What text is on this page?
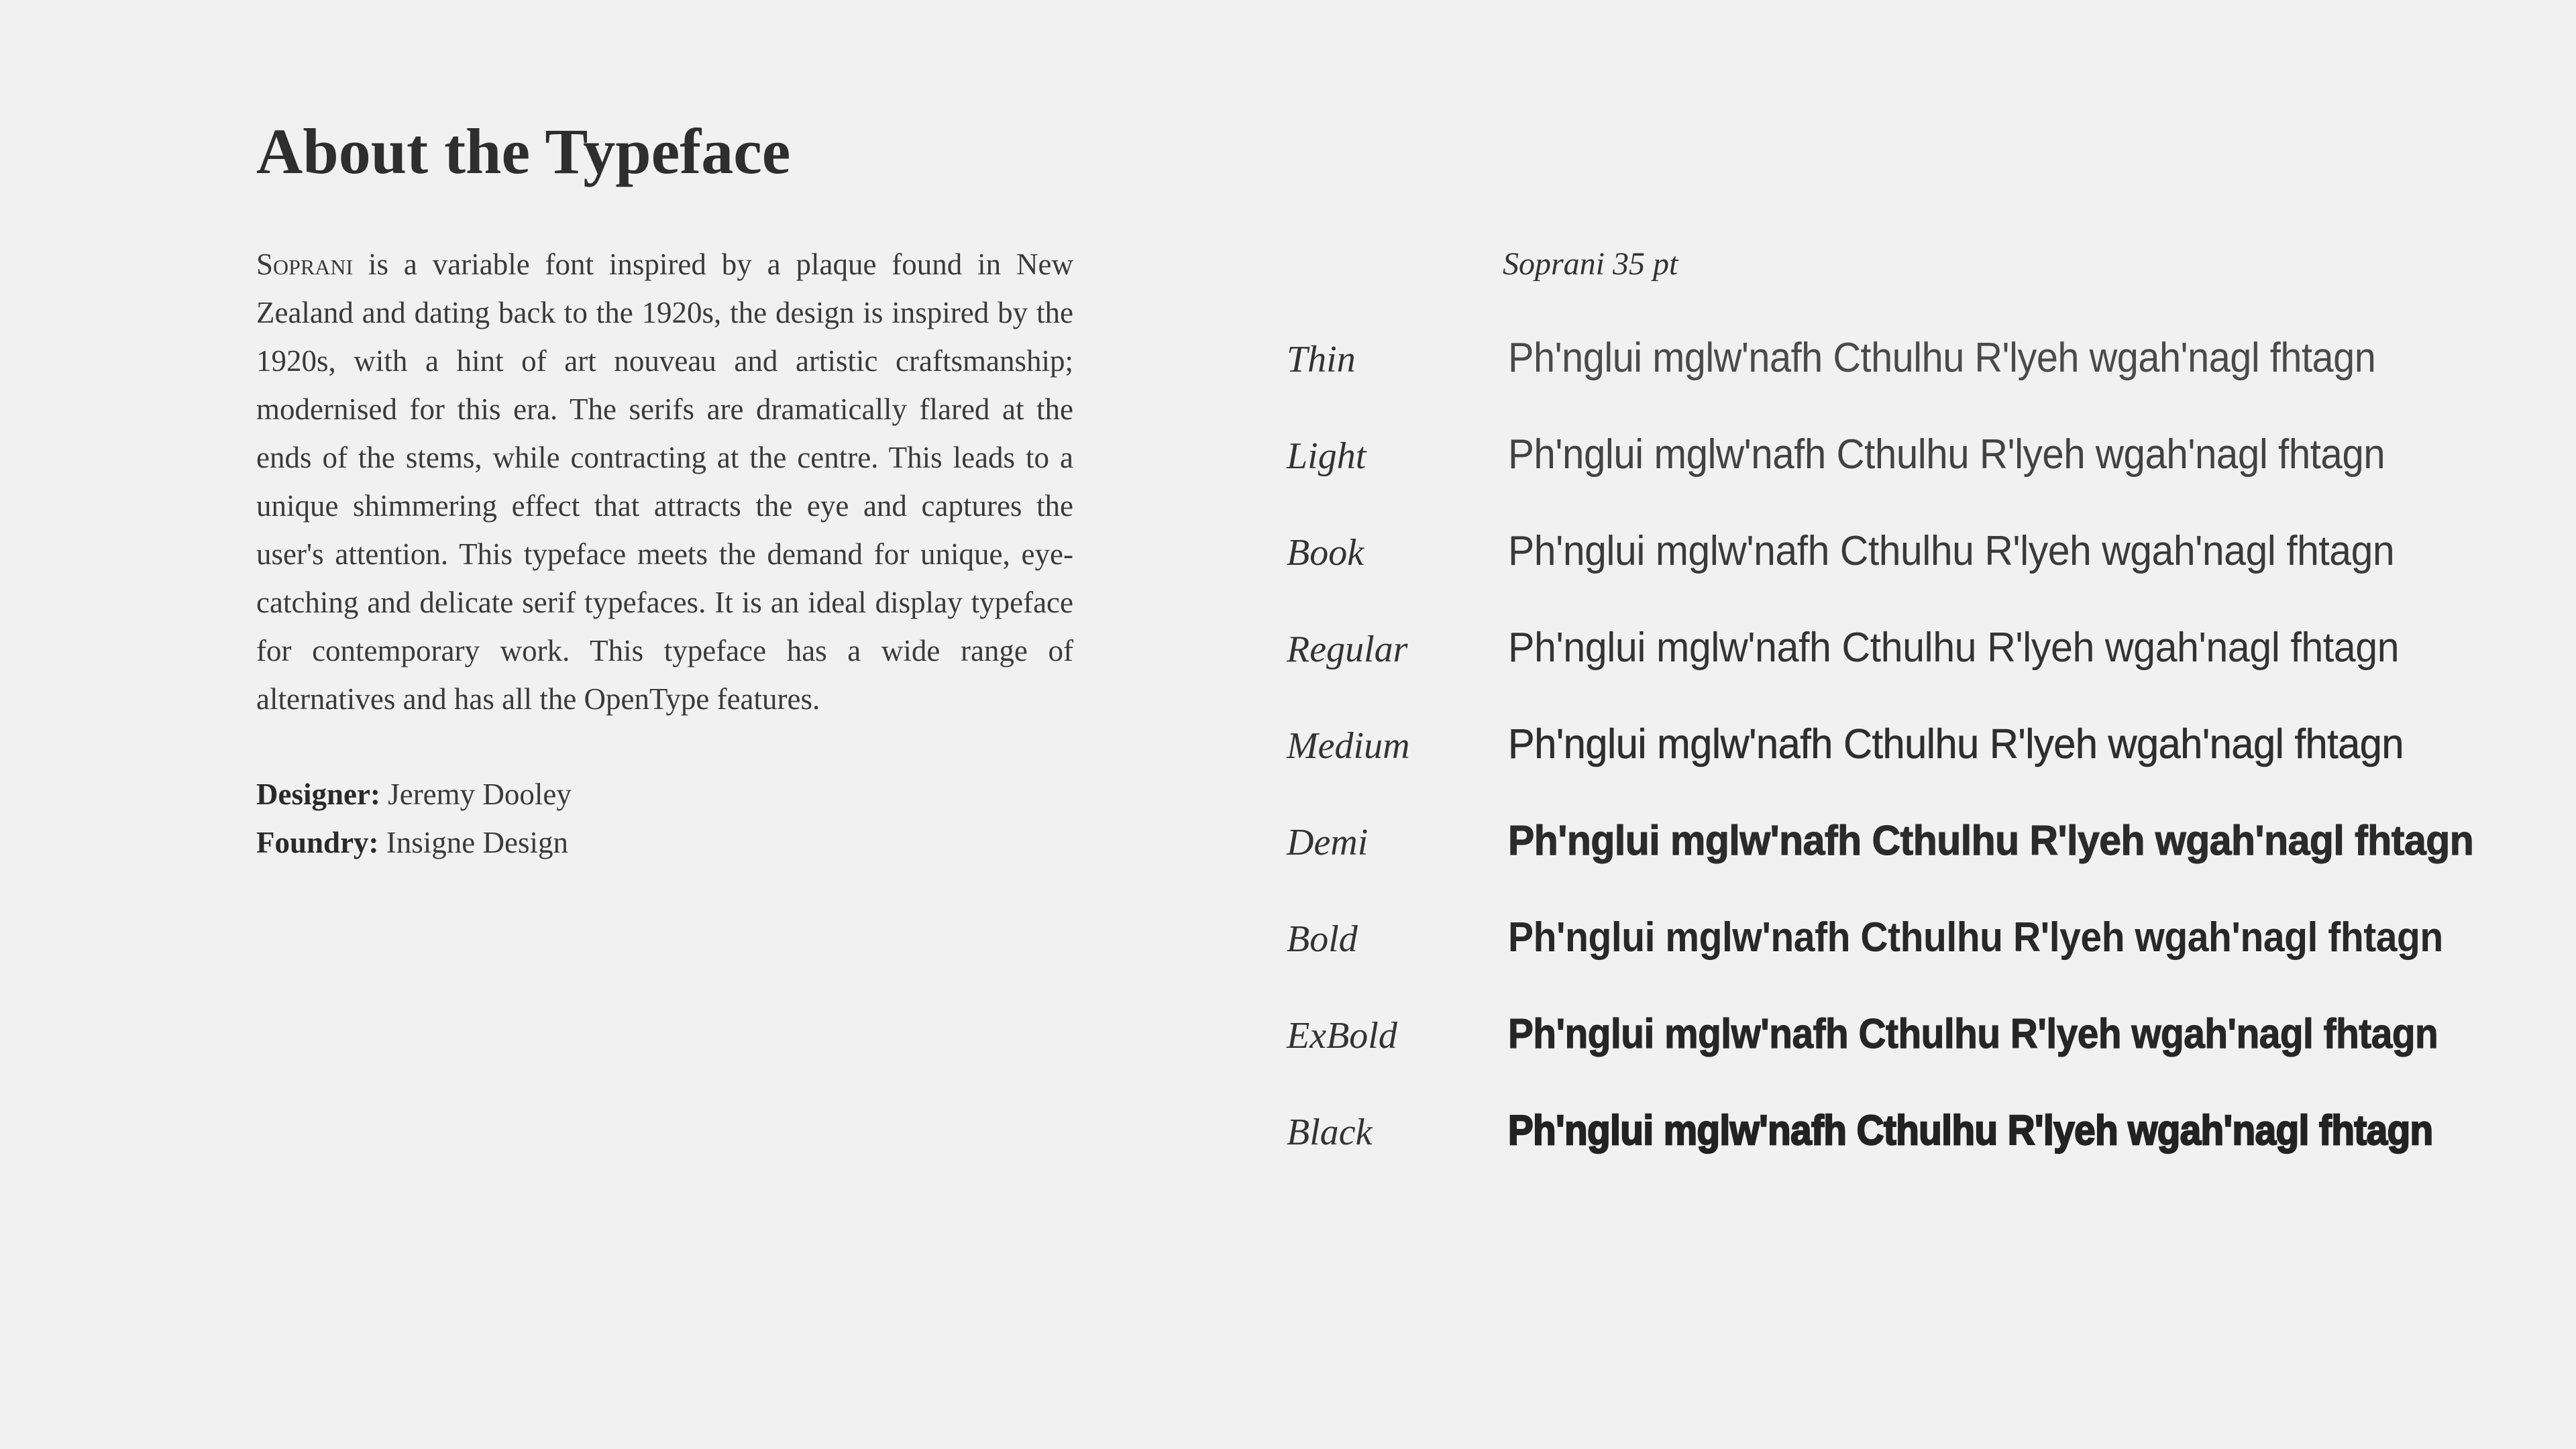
About the Typeface

Soprani is a variable font inspired by a plaque found in New Zealand and dating back to the 1920s, the design is inspired by the 1920s, with a hint of art nouveau and artistic craftsmanship; modernised for this era. The serifs are dramatically flared at the ends of the stems, while contracting at the centre. This leads to a unique shimmering effect that attracts the eye and captures the user's attention. This typeface meets the demand for unique, eye-catching and delicate serif typefaces. It is an ideal display typeface for contemporary work. This typeface has a wide range of alternatives and has all the OpenType features.

Designer: Jeremy Dooley
Foundry: Insigne Design
Soprani 35 pt
Thin	Ph'nglui mglw'nafh Cthulhu R'lyeh wgah'nagl fhtagn
Light	Ph'nglui mglw'nafh Cthulhu R'lyeh wgah'nagl fhtagn
Book	Ph'nglui mglw'nafh Cthulhu R'lyeh wgah'nagl fhtagn
Regular	Ph'nglui mglw'nafh Cthulhu R'lyeh wgah'nagl fhtagn
Medium	Ph'nglui mglw'nafh Cthulhu R'lyeh wgah'nagl fhtagn
Demi	Ph'nglui mglw'nafh Cthulhu R'lyeh wgah'nagl fhtagn
Bold	Ph'nglui mglw'nafh Cthulhu R'lyeh wgah'nagl fhtagn
ExBold	Ph'nglui mglw'nafh Cthulhu R'lyeh wgah'nagl fhtagn
Black	Ph'nglui mglw'nafh Cthulhu R'lyeh wgah'nagl fhtagn
